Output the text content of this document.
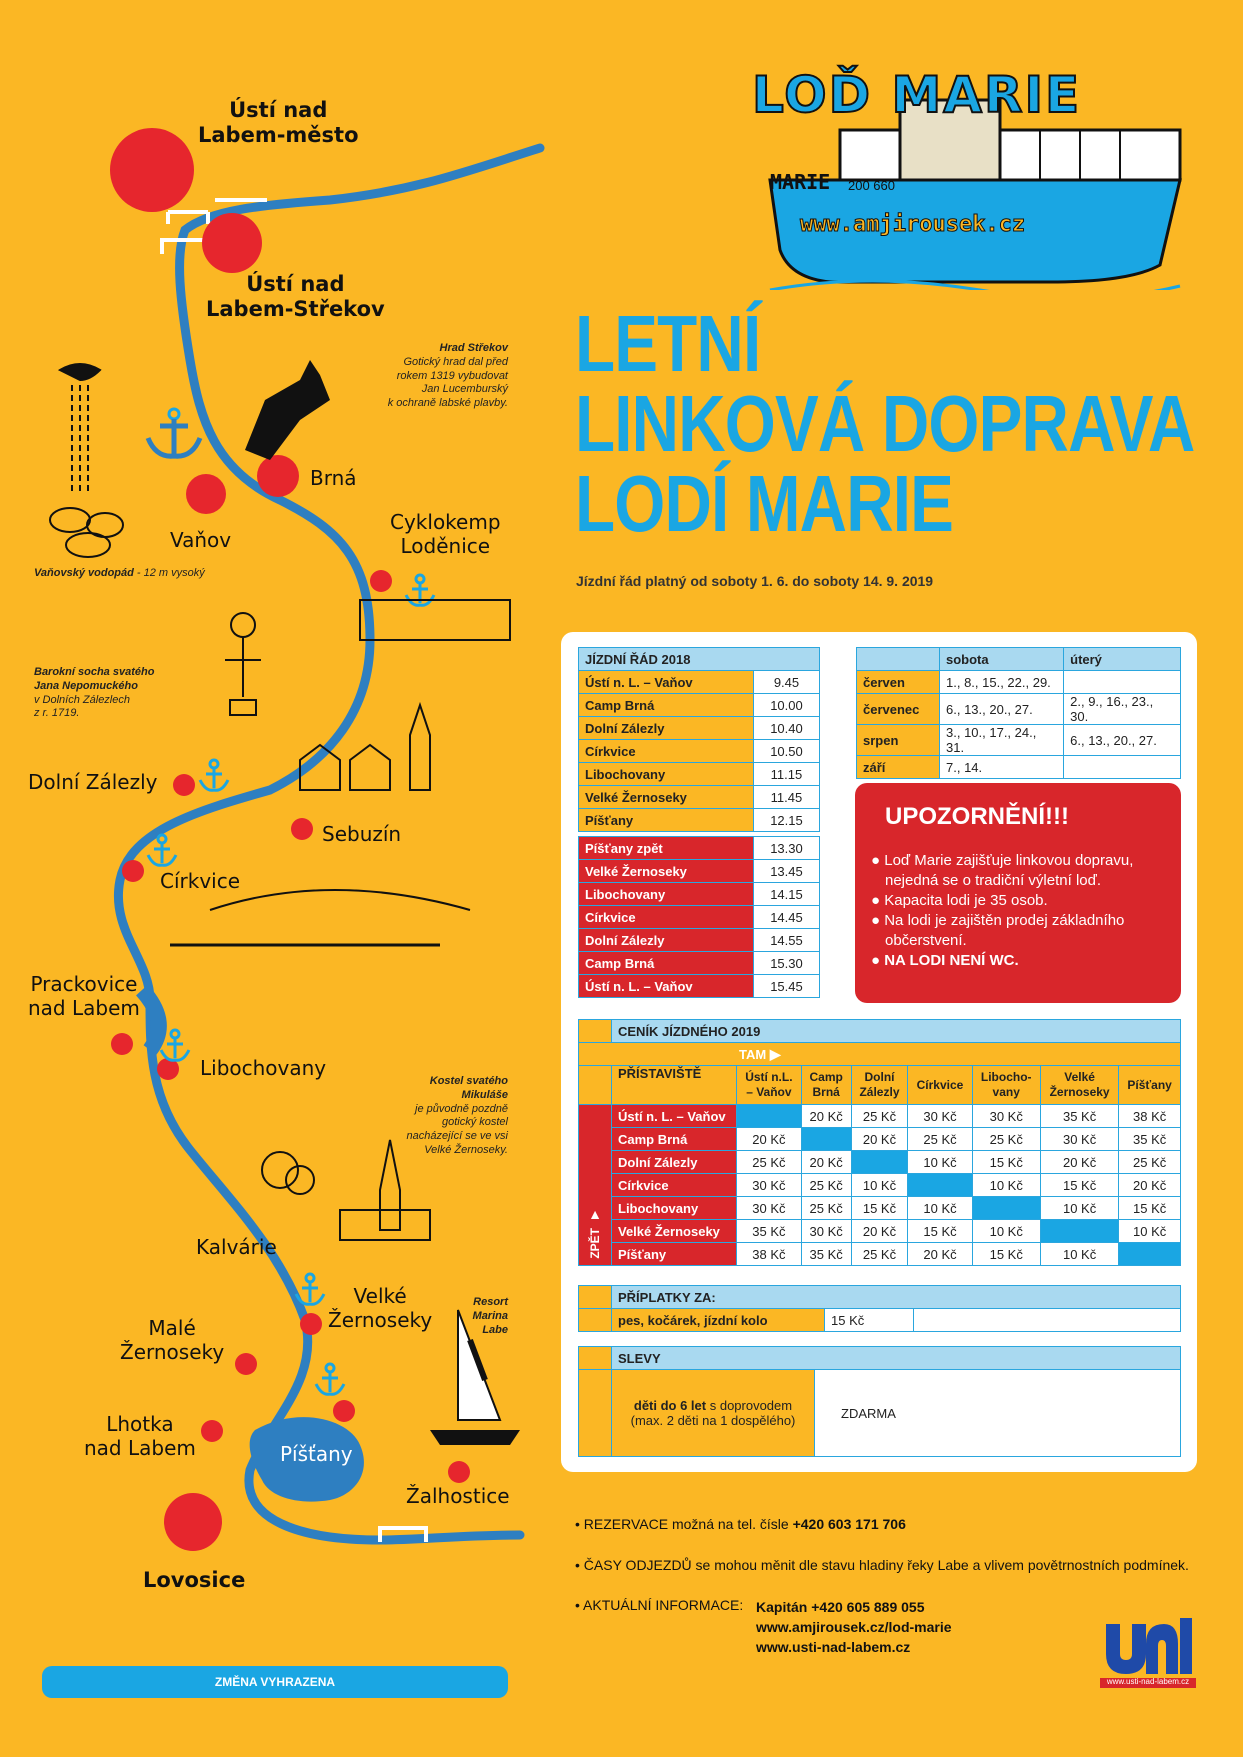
Ústí nad
Labem-město
Ústí nad
Labem-Střekov
Brná
Vaňov
Cyklokemp
Loděnice
Dolní Zálezly
Sebuzín
Církvice
Prackovice
nad Labem
Libochovany
Kalvárie
Velké
Žernoseky
Malé
Žernoseky
Lhotka
nad Labem	Píšťany
Žalhostice
Lovosice
Hrad Střekov
Gotický hrad dal před
rokem 1319 vybudovat
Jan Lucemburský
k ochraně labské plavby.
Vaňovský vodopád - 12 m vysoký
Barokní socha svatého
Jana Nepomuckého
v Dolních Zálezlech
z r. 1719.
Kostel svatého
Mikuláše
je původně pozdně
gotický kostel
nacházející se ve vsi
Velké Žernoseky.
Resort
Marina
Labe
LOĎ MARIE
MARIE 200 660
www.amjirousek.cz
LETNÍ
LINKOVÁ DOPRAVA
LODÍ MARIE
Jízdní řád platný od soboty 1. 6. do soboty 14. 9. 2019
JÍZDNÍ ŘÁD 2018	
Ústí n. L. – Vaňov	9.45
Camp Brná	10.00
Dolní Zálezly	10.40
Církvice	10.50
Libochovany	11.15
Velké Žernoseky	11.45
Píšťany	12.15

Píšťany zpět	13.30
Velké Žernoseky	13.45
Libochovany	14.15
Církvice	14.45
Dolní Zálezly	14.55
Camp Brná	15.30
Ústí n. L. – Vaňov	15.45
	sobota	úterý
červen	1., 8., 15., 22., 29.	
červenec	6., 13., 20., 27.	2., 9., 16., 23., 30.
srpen	3., 10., 17., 24., 31.	6., 13., 20., 27.
září	7., 14.	
UPOZORNĚNÍ!!!
● Loď Marie zajišťuje linkovou dopravu,
nejedná se o tradiční výletní loď.
● Kapacita lodi je 35 osob.
● Na lodi je zajištěn prodej základního
občerstvení.
● NA LODI NENÍ WC.
	CENÍK JÍZDNÉHO 2019							
TAM ▶								
	PŘÍSTAVIŠTĚ	Ústí n.L.
– Vaňov	Camp
Brná	Dolní
Zálezly	Církvice	Libocho-
vany	Velké
Žernoseky	Píšťany

▲
ZPĚT	Ústí n. L. – Vaňov		20 Kč	25 Kč	30 Kč	30 Kč	35 Kč	38 Kč
	Camp Brná	20 Kč		20 Kč	25 Kč	25 Kč	30 Kč	35 Kč
	Dolní Zálezly	25 Kč	20 Kč		10 Kč	15 Kč	20 Kč	25 Kč
	Církvice	30 Kč	25 Kč	10 Kč		10 Kč	15 Kč	20 Kč
	Libochovany	30 Kč	25 Kč	15 Kč	10 Kč		10 Kč	15 Kč
	Velké Žernoseky	35 Kč	30 Kč	20 Kč	15 Kč	10 Kč		10 Kč
	Píšťany	38 Kč	35 Kč	25 Kč	20 Kč	15 Kč	10 Kč	
	PŘÍPLATKY ZA:		
	pes, kočárek, jízdní kolo	15 Kč	
	SLEVY	
	děti do 6 let s doprovodem
(max. 2 děti na 1 dospělého)	ZDARMA
• REZERVACE možná na tel. čísle +420 603 171 706
• ČASY ODJEZDŮ se mohou měnit dle stavu hladiny řeky Labe a vlivem povětrnostních podmínek.
• AKTUÁLNÍ INFORMACE: Kapitán +420 605 889 055
www.amjirousek.cz/lod-marie
www.usti-nad-labem.cz
www.usti-nad-labem.cz
ZMĚNA VYHRAZENA
